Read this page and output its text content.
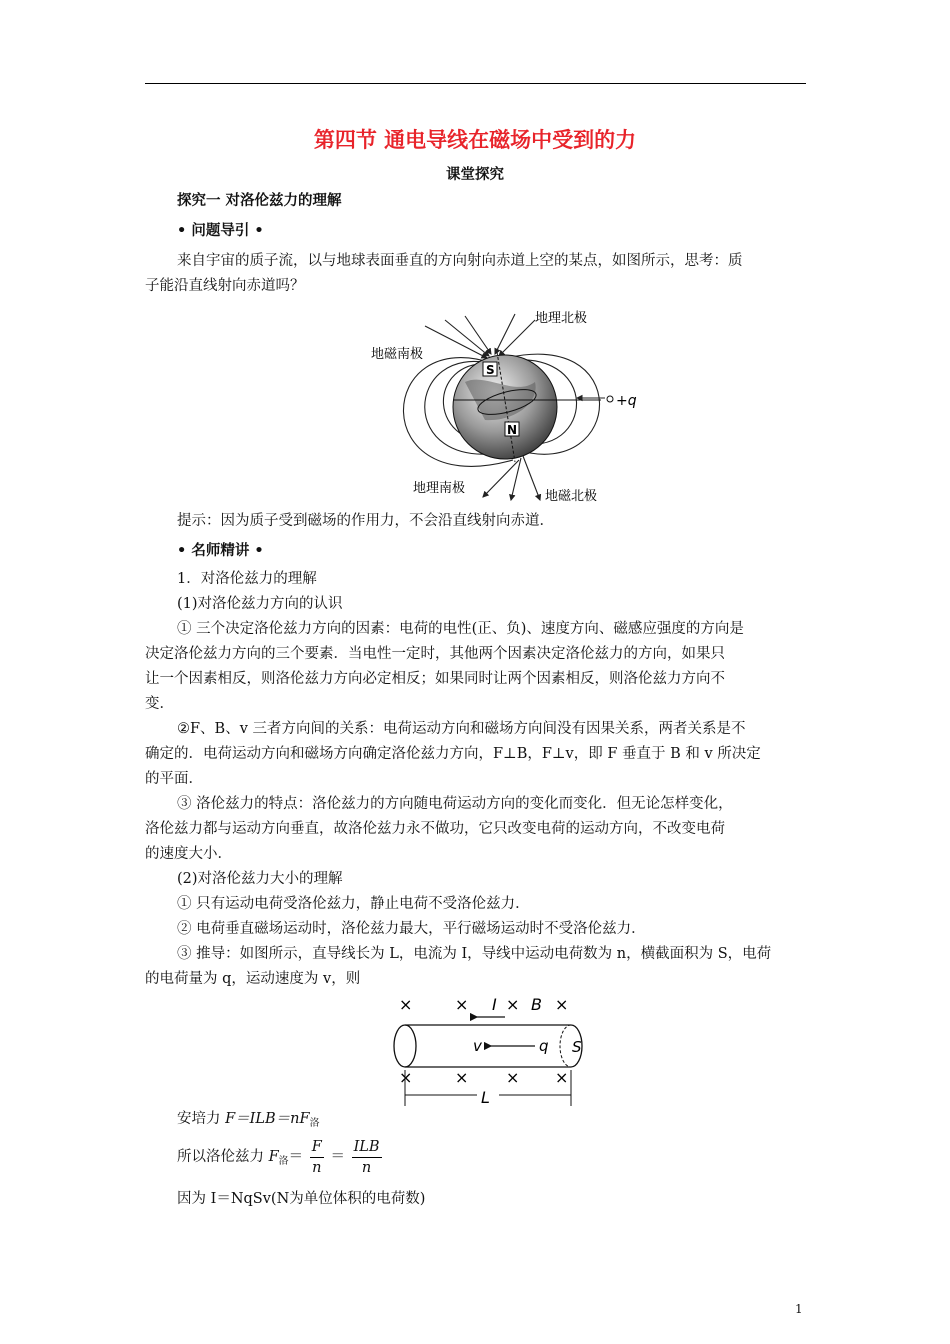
第四节 通电导线在磁场中受到的力
课堂探究
探究一 对洛伦兹力的理解
• 问题导引 •
来自宇宙的质子流，以与地球表面垂直的方向射向赤道上空的某点，如图所示，思考：质
子能沿直线射向赤道吗？
S
N
+q
地理北极
地磁南极
地理南极
地磁北极
提示：因为质子受到磁场的作用力，不会沿直线射向赤道．
• 名师精讲 •
1．对洛伦兹力的理解
(1)对洛伦兹力方向的认识
① 三个决定洛伦兹力方向的因素：电荷的电性(正、负)、速度方向、磁感应强度的方向是
决定洛伦兹力方向的三个要素．当电性一定时，其他两个因素决定洛伦兹力的方向，如果只
让一个因素相反，则洛伦兹力方向必定相反；如果同时让两个因素相反，则洛伦兹力方向不
变．
②F、B、v 三者方向间的关系：电荷运动方向和磁场方向间没有因果关系，两者关系是不
确定的．电荷运动方向和磁场方向确定洛伦兹力方向，F⊥B，F⊥v，即 F 垂直于 B 和 v 所决定
的平面．
③ 洛伦兹力的特点：洛伦兹力的方向随电荷运动方向的变化而变化．但无论怎样变化，
洛伦兹力都与运动方向垂直，故洛伦兹力永不做功，它只改变电荷的运动方向，不改变电荷
的速度大小．
(2)对洛伦兹力大小的理解
① 只有运动电荷受洛伦兹力，静止电荷不受洛伦兹力．
② 电荷垂直磁场运动时，洛伦兹力最大，平行磁场运动时不受洛伦兹力．
③ 推导：如图所示，直导线长为 L，电流为 I，导线中运动电荷数为 n，横截面积为 S，电荷
的电荷量为 q，运动速度为 v，则
×	× I × B ×
v	q S
×	× × ×
L
安培力 $F=ILB=nF_洛$
所以洛伦兹力 $F_洛= \frac{F}{n} = \frac{\text{ILB}}{n}$
因为 I＝NqSv(N为单位体积的电荷数)
1
